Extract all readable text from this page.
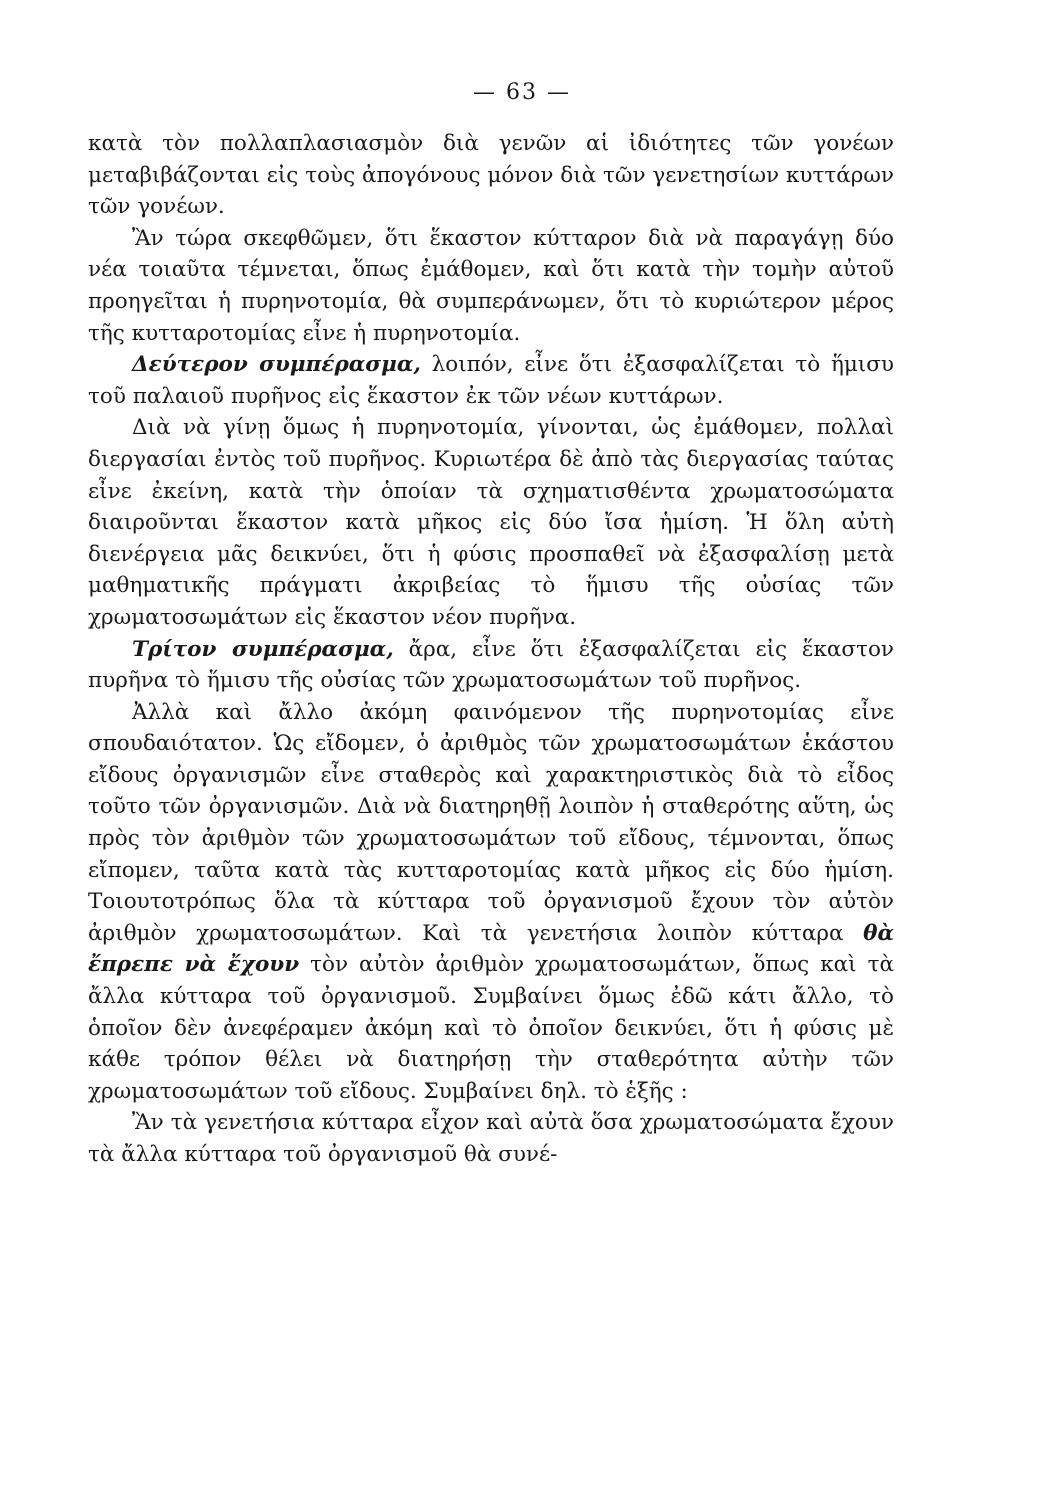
— 63 —

κατὰ τὸν πολλαπλασιασμὸν διὰ γενῶν αἱ ἰδιότητες τῶν γονέων μεταβιβάζονται εἰς τοὺς ἀπογόνους μόνον διὰ τῶν γενετησίων κυττάρων τῶν γονέων.

Ἂν τώρα σκεφθῶμεν, ὅτι ἕκαστον κύτταρον διὰ νὰ παραγάγῃ δύο νέα τοιαῦτα τέμνεται, ὅπως ἐμάθομεν, καὶ ὅτι κατὰ τὴν τομὴν αὐτοῦ προηγεῖται ἡ πυρηνοτομία, θὰ συμπεράνωμεν, ὅτι τὸ κυριώτερον μέρος τῆς κυτταροτομίας εἶνε ἡ πυρηνοτομία.

Δεύτερον συμπέρασμα, λοιπόν, εἶνε ὅτι ἐξασφαλίζεται τὸ ἥμισυ τοῦ παλαιοῦ πυρῆνος εἰς ἕκαστον ἐκ τῶν νέων κυττάρων.

Διὰ νὰ γίνῃ ὅμως ἡ πυρηνοτομία, γίνονται, ὡς ἐμάθομεν, πολλαὶ διεργασίαι ἐντὸς τοῦ πυρῆνος. Κυριωτέρα δὲ ἀπὸ τὰς διεργασίας ταύτας εἶνε ἐκείνη, κατὰ τὴν ὁποίαν τὰ σχηματισθέντα χρωματοσώματα διαιροῦνται ἕκαστον κατὰ μῆκος εἰς δύο ἴσα ἡμίση. Ἡ ὅλη αὐτὴ διενέργεια μᾶς δεικνύει, ὅτι ἡ φύσις προσπαθεῖ νὰ ἐξασφαλίσῃ μετὰ μαθηματικῆς πράγματι ἀκριβείας τὸ ἥμισυ τῆς οὐσίας τῶν χρωματοσωμάτων εἰς ἕκαστον νέον πυρῆνα.

Τρίτον συμπέρασμα, ἄρα, εἶνε ὅτι ἐξασφαλίζεται εἰς ἕκαστον πυρῆνα τὸ ἥμισυ τῆς οὐσίας τῶν χρωματοσωμάτων τοῦ πυρῆνος.

Ἀλλὰ καὶ ἄλλο ἀκόμη φαινόμενον τῆς πυρηνοτομίας εἶνε σπουδαιότατον. Ὡς εἴδομεν, ὁ ἀριθμὸς τῶν χρωματοσωμάτων ἑκάστου εἴδους ὀργανισμῶν εἶνε σταθερὸς καὶ χαρακτηριστικὸς διὰ τὸ εἶδος τοῦτο τῶν ὀργανισμῶν. Διὰ νὰ διατηρηθῇ λοιπὸν ἡ σταθερότης αὕτη, ὡς πρὸς τὸν ἀριθμὸν τῶν χρωματοσωμάτων τοῦ εἴδους, τέμνονται, ὅπως εἴπομεν, ταῦτα κατὰ τὰς κυτταροτομίας κατὰ μῆκος εἰς δύο ἡμίση. Τοιουτοτρόπως ὅλα τὰ κύτταρα τοῦ ὀργανισμοῦ ἔχουν τὸν αὐτὸν ἀριθμὸν χρωματοσωμάτων. Καὶ τὰ γενετήσια λοιπὸν κύτταρα θὰ ἔπρεπε νὰ ἔχουν τὸν αὐτὸν ἀριθμὸν χρωματοσωμάτων, ὅπως καὶ τὰ ἄλλα κύτταρα τοῦ ὀργανισμοῦ. Συμβαίνει ὅμως ἐδῶ κάτι ἄλλο, τὸ ὁποῖον δὲν ἀνεφέραμεν ἀκόμη καὶ τὸ ὁποῖον δεικνύει, ὅτι ἡ φύσις μὲ κάθε τρόπον θέλει νὰ διατηρήσῃ τὴν σταθερότητα αὐτὴν τῶν χρωματοσωμάτων τοῦ εἴδους. Συμβαίνει δηλ. τὸ ἑξῆς :

Ἂν τὰ γενετήσια κύτταρα εἶχον καὶ αὐτὰ ὅσα χρωματοσώματα ἔχουν τὰ ἄλλα κύτταρα τοῦ ὀργανισμοῦ θὰ συνέ-
